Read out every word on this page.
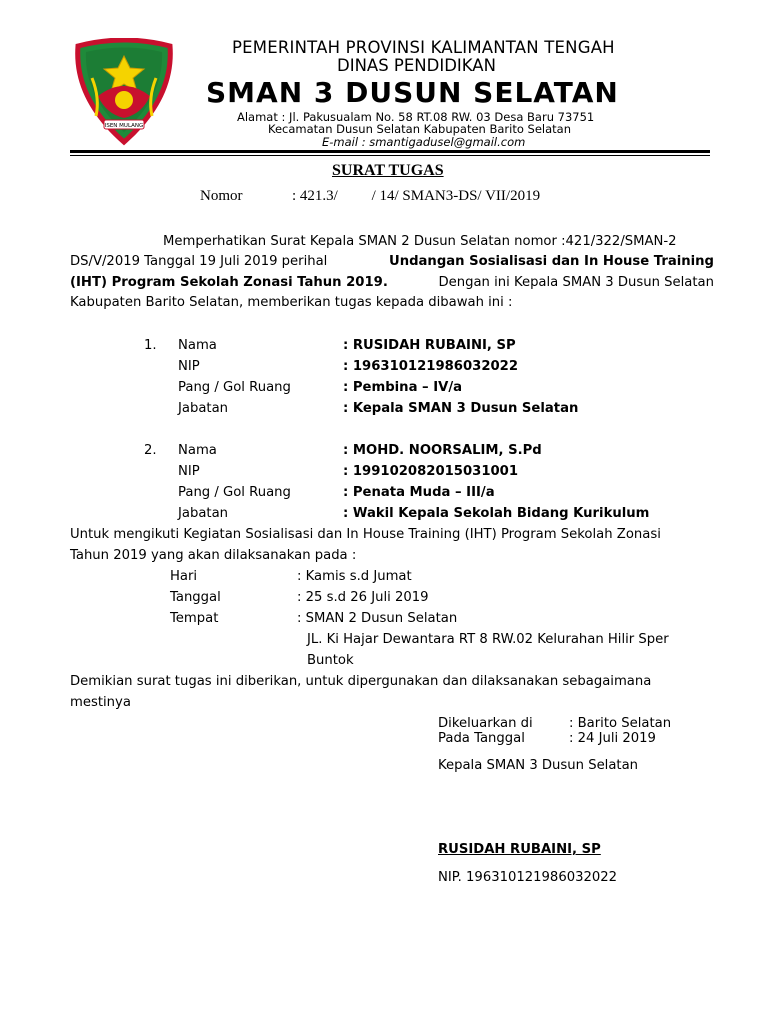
ISEN MULANG
PEMERINTAH PROVINSI KALIMANTAN TENGAH
DINAS PENDIDIKAN
SMAN 3 DUSUN SELATAN
Alamat : Jl. Pakusualam No. 58 RT.08 RW. 03 Desa Baru 73751
Kecamatan Dusun Selatan Kabupaten Barito Selatan
E-mail : smantigadusel@gmail.com
SURAT TUGAS
Nomor	: 421.3/         / 14/ SMAN3-DS/ VII/2019
Memperhatikan Surat Kepala SMAN 2 Dusun Selatan nomor :421/322/SMAN-2
DS/V/2019 Tanggal 19 Juli 2019 perihal	Undangan Sosialisasi dan In House Training
(IHT) Program Sekolah Zonasi Tahun 2019.	Dengan ini Kepala SMAN 3 Dusun Selatan
Kabupaten Barito Selatan, memberikan tugas kepada dibawah ini :
1. Nama	: RUSIDAH RUBAINI, SP
NIP	: 196310121986032022
Pang / Gol Ruang	: Pembina – IV/a
Jabatan	: Kepala SMAN 3 Dusun Selatan
2. Nama	: MOHD. NOORSALIM, S.Pd
NIP	: 199102082015031001
Pang / Gol Ruang	: Penata Muda – III/a
Jabatan	: Wakil Kepala Sekolah Bidang Kurikulum
Untuk mengikuti Kegiatan Sosialisasi dan In House Training (IHT) Program Sekolah Zonasi
Tahun 2019 yang akan dilaksanakan pada :
Hari	: Kamis s.d Jumat
Tanggal	: 25 s.d 26 Juli 2019
Tempat	: SMAN 2 Dusun Selatan
JL. Ki Hajar Dewantara RT 8 RW.02 Kelurahan Hilir Sper
Buntok
Demikian surat tugas ini diberikan, untuk dipergunakan dan dilaksanakan sebagaimana
mestinya
Dikeluarkan di	: Barito Selatan
Pada Tanggal	: 24 Juli 2019
Kepala SMAN 3 Dusun Selatan
RUSIDAH RUBAINI, SP
NIP. 196310121986032022
